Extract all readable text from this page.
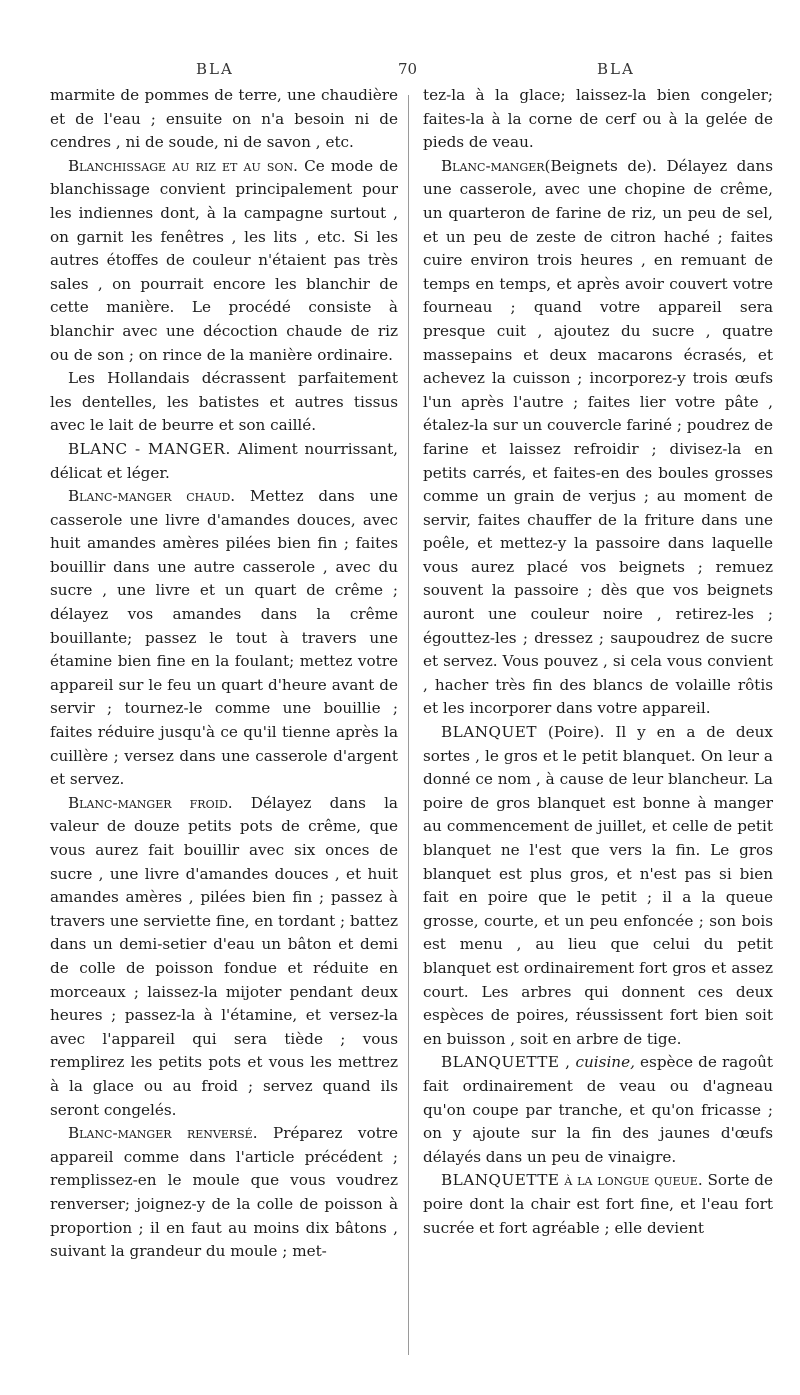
BLA	70	BLA

marmite de pommes de terre, une chaudière et de l'eau ; ensuite on n'a besoin ni de cendres , ni de soude, ni de savon , etc.

Blanchissage au riz et au son. Ce mode de blanchissage convient principalement pour les indiennes dont, à la campagne surtout , on garnit les fenêtres , les lits , etc. Si les autres étoffes de couleur n'étaient pas très sales , on pourrait encore les blanchir de cette manière. Le procédé consiste à blanchir avec une décoction chaude de riz ou de son ; on rince de la manière ordinaire.

Les Hollandais décrassent parfaitement les dentelles, les batistes et autres tissus avec le lait de beurre et son caillé.

BLANC - MANGER. Aliment nourrissant, délicat et léger.

Blanc-manger chaud. Mettez dans une casserole une livre d'amandes douces, avec huit amandes amères pilées bien fin ; faites bouillir dans une autre casserole , avec du sucre , une livre et un quart de crême ; délayez vos amandes dans la crême bouillante; passez le tout à travers une étamine bien fine en la foulant; mettez votre appareil sur le feu un quart d'heure avant de servir ; tournez-le comme une bouillie ; faites réduire jusqu'à ce qu'il tienne après la cuillère ; versez dans une casserole d'argent et servez.

Blanc-manger froid. Délayez dans la valeur de douze petits pots de crême, que vous aurez fait bouillir avec six onces de sucre , une livre d'amandes douces , et huit amandes amères , pilées bien fin ; passez à travers une serviette fine, en tordant ; battez dans un demi-setier d'eau un bâton et demi de colle de poisson fondue et réduite en morceaux ; laissez-la mijoter pendant deux heures ; passez-la à l'étamine, et versez-la avec l'appareil qui sera tiède ; vous remplirez les petits pots et vous les mettrez à la glace ou au froid ; servez quand ils seront congelés.

Blanc-manger renversé. Préparez votre appareil comme dans l'article précédent ; remplissez-en le moule que vous voudrez renverser; joignez-y de la colle de poisson à proportion ; il en faut au moins dix bâtons , suivant la grandeur du moule ; met-

tez-la à la glace; laissez-la bien congeler; faites-la à la corne de cerf ou à la gelée de pieds de veau.

Blanc-manger(Beignets de). Délayez dans une casserole, avec une chopine de crême, un quarteron de farine de riz, un peu de sel, et un peu de zeste de citron haché ; faites cuire environ trois heures , en remuant de temps en temps, et après avoir couvert votre fourneau ; quand votre appareil sera presque cuit , ajoutez du sucre , quatre massepains et deux macarons écrasés, et achevez la cuisson ; incorporez-y trois œufs l'un après l'autre ; faites lier votre pâte , étalez-la sur un couvercle fariné ; poudrez de farine et laissez refroidir ; divisez-la en petits carrés, et faites-en des boules grosses comme un grain de verjus ; au moment de servir, faites chauffer de la friture dans une poêle, et mettez-y la passoire dans laquelle vous aurez placé vos beignets ; remuez souvent la passoire ; dès que vos beignets auront une couleur noire , retirez-les ; égouttez-les ; dressez ; saupoudrez de sucre et servez. Vous pouvez , si cela vous convient , hacher très fin des blancs de volaille rôtis et les incorporer dans votre appareil.

BLANQUET (Poire). Il y en a de deux sortes , le gros et le petit blanquet. On leur a donné ce nom , à cause de leur blancheur. La poire de gros blanquet est bonne à manger au commencement de juillet, et celle de petit blanquet ne l'est que vers la fin. Le gros blanquet est plus gros, et n'est pas si bien fait en poire que le petit ; il a la queue grosse, courte, et un peu enfoncée ; son bois est menu , au lieu que celui du petit blanquet est ordinairement fort gros et assez court. Les arbres qui donnent ces deux espèces de poires, réussissent fort bien soit en buisson , soit en arbre de tige.

BLANQUETTE , cuisine, espèce de ragoût fait ordinairement de veau ou d'agneau qu'on coupe par tranche, et qu'on fricasse ; on y ajoute sur la fin des jaunes d'œufs délayés dans un peu de vinaigre.

BLANQUETTE à la longue queue. Sorte de poire dont la chair est fort fine, et l'eau fort sucrée et fort agréable ; elle devient
